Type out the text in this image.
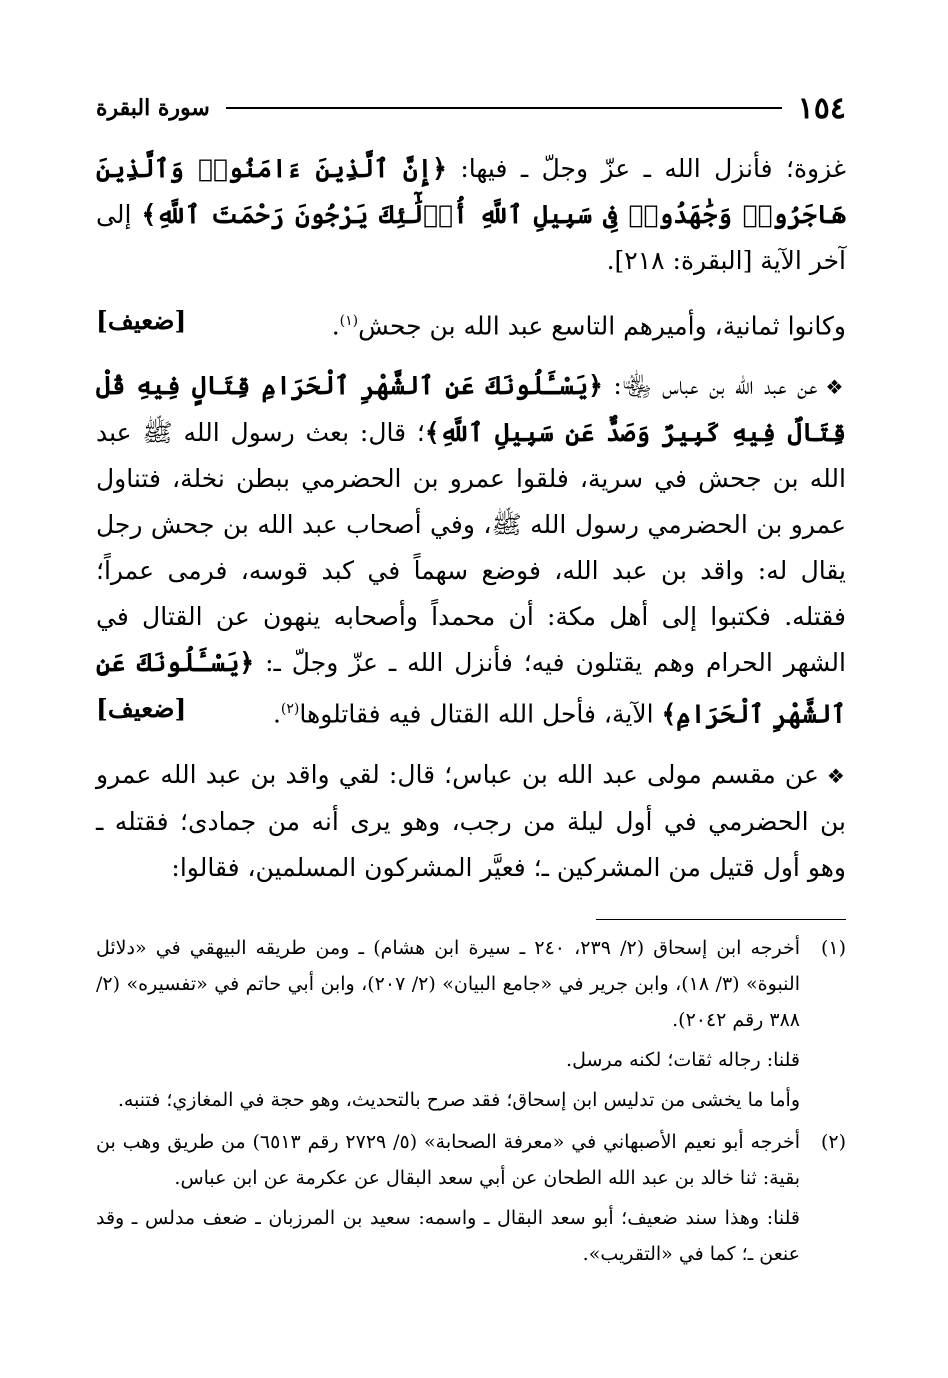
١٥٤
سورة البقرة

غزوة؛ فأنزل الله ـ عزّ وجلّ ـ فيها: ﴿إِنَّ ٱلَّذِينَ ءَامَنُوا۟ وَٱلَّذِينَ هَاجَرُوا۟ وَجَٰهَدُوا۟ فِى سَبِيلِ ٱللَّهِ أُو۟لَٰٓئِكَ يَرْجُونَ رَحْمَتَ ٱللَّهِ﴾ إلى آخر الآية [البقرة: ٢١٨].

[ضعيف]	وكانوا ثمانية، وأميرهم التاسع عبد الله بن جحش$^{(١)}$.

❖عن عبد الله بن عباس ﵄: ﴿يَسْـَٔلُونَكَ عَنِ ٱلشَّهْرِ ٱلْحَرَامِ قِتَالٍ فِيهِ قُلْ قِتَالٌ فِيهِ كَبِيرٌ وَصَدٌّ عَن سَبِيلِ ٱللَّهِ﴾؛ قال: بعث رسول الله ﷺ عبد الله بن جحش في سرية، فلقوا عمرو بن الحضرمي ببطن نخلة، فتناول عمرو بن الحضرمي رسول الله ﷺ، وفي أصحاب عبد الله بن جحش رجل يقال له: واقد بن عبد الله، فوضع سهماً في كبد قوسه، فرمى عمراً؛ فقتله. فكتبوا إلى أهل مكة: أن محمداً وأصحابه ينهون عن القتال في الشهر الحرام وهم يقتلون فيه؛ فأنزل الله ـ عزّ وجلّ ـ: ﴿يَسْـَٔلُونَكَ عَنِ ٱلشَّهْرِ ٱلْحَرَامِ﴾ الآية، فأحل الله القتال فيه فقاتلوها$^{(٢)}$.
[ضعيف]

❖عن مقسم مولى عبد الله بن عباس؛ قال: لقي واقد بن عبد الله عمرو بن الحضرمي في أول ليلة من رجب، وهو يرى أنه من جمادى؛ فقتله ـ وهو أول قتيل من المشركين ـ؛ فعيَّر المشركون المسلمين، فقالوا:

(١)

أخرجه ابن إسحاق (٢/ ٢٣٩، ٢٤٠ ـ سيرة ابن هشام) ـ ومن طريقه البيهقي في «دلائل النبوة» (٣/ ١٨)، وابن جرير في «جامع البيان» (٢/ ٢٠٧)، وابن أبي حاتم في «تفسيره» (٢/ ٣٨٨ رقم ٢٠٤٢).

قلنا: رجاله ثقات؛ لكنه مرسل.

وأما ما يخشى من تدليس ابن إسحاق؛ فقد صرح بالتحديث، وهو حجة في المغازي؛ فتنبه.

(٢)

أخرجه أبو نعيم الأصبهاني في «معرفة الصحابة» (٥/ ٢٧٢٩ رقم ٦٥١٣) من طريق وهب بن بقية: ثنا خالد بن عبد الله الطحان عن أبي سعد البقال عن عكرمة عن ابن عباس.

قلنا: وهذا سند ضعيف؛ أبو سعد البقال ـ واسمه: سعيد بن المرزبان ـ ضعف مدلس ـ وقد عنعن ـ؛ كما في «التقريب».
